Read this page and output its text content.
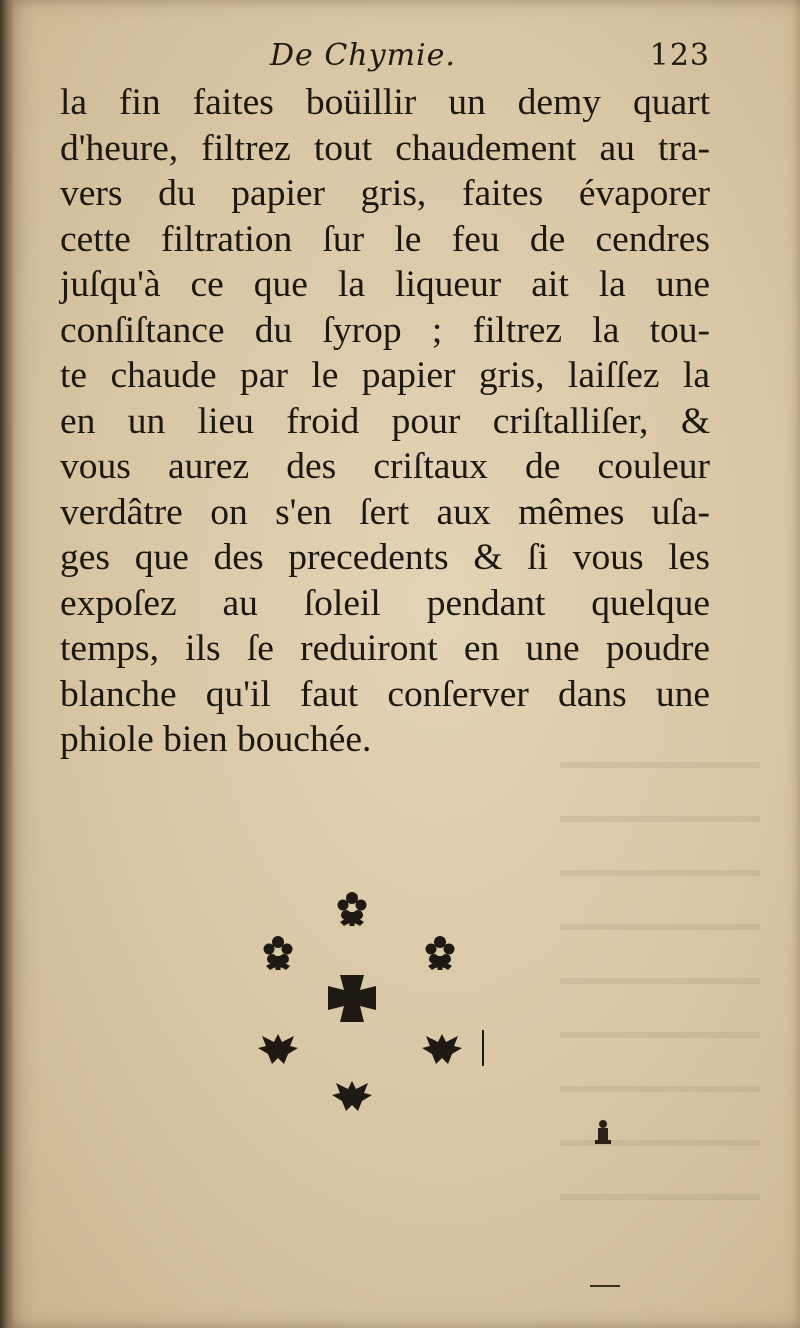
De Chymie.	123
la fin faites boüillir un demy quart
d'heure, filtrez tout chaudement au tra-
vers du papier gris, faites évaporer
cette filtration ſur le feu de cendres
juſqu'à ce que la liqueur ait la une
conſiſtance du ſyrop ; filtrez la tou-
te chaude par le papier gris, laiſſez la
en un lieu froid pour criſtalliſer, &
vous aurez des criſtaux de couleur
verdâtre on s'en ſert aux mêmes uſa-
ges que des precedents & ſi vous les
expoſez au ſoleil pendant quelque
temps, ils ſe reduiront en une poudre
blanche qu'il faut conſerver dans une
phiole bien bouchée.
